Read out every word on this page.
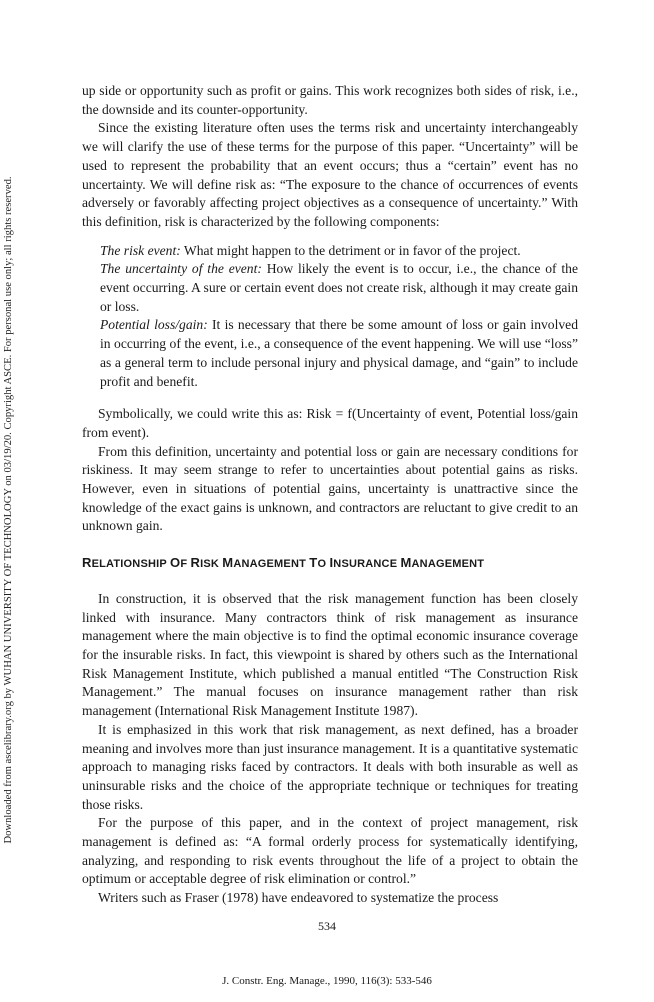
Downloaded from ascelibrary.org by WUHAN UNIVERSITY OF TECHNOLOGY on 03/19/20. Copyright ASCE. For personal use only; all rights reserved.

up side or opportunity such as profit or gains. This work recognizes both sides of risk, i.e., the downside and its counter-opportunity.

Since the existing literature often uses the terms risk and uncertainty interchangeably we will clarify the use of these terms for the purpose of this paper. “Uncertainty” will be used to represent the probability that an event occurs; thus a “certain” event has no uncertainty. We will define risk as: “The exposure to the chance of occurrences of events adversely or favorably affecting project objectives as a consequence of uncertainty.” With this definition, risk is characterized by the following components:

The risk event: What might happen to the detriment or in favor of the project.

The uncertainty of the event: How likely the event is to occur, i.e., the chance of the event occurring. A sure or certain event does not create risk, although it may create gain or loss.

Potential loss/gain: It is necessary that there be some amount of loss or gain involved in occurring of the event, i.e., a consequence of the event happening. We will use “loss” as a general term to include personal injury and physical damage, and “gain” to include profit and benefit.

Symbolically, we could write this as: Risk = f(Uncertainty of event, Potential loss/gain from event).

From this definition, uncertainty and potential loss or gain are necessary conditions for riskiness. It may seem strange to refer to uncertainties about potential gains as risks. However, even in situations of potential gains, uncertainty is unattractive since the knowledge of the exact gains is unknown, and contractors are reluctant to give credit to an unknown gain.

RELATIONSHIP OF RISK MANAGEMENT TO INSURANCE MANAGEMENT

In construction, it is observed that the risk management function has been closely linked with insurance. Many contractors think of risk management as insurance management where the main objective is to find the optimal economic insurance coverage for the insurable risks. In fact, this viewpoint is shared by others such as the International Risk Management Institute, which published a manual entitled “The Construction Risk Management.” The manual focuses on insurance management rather than risk management (International Risk Management Institute 1987).

It is emphasized in this work that risk management, as next defined, has a broader meaning and involves more than just insurance management. It is a quantitative systematic approach to managing risks faced by contractors. It deals with both insurable as well as uninsurable risks and the choice of the appropriate technique or techniques for treating those risks.

For the purpose of this paper, and in the context of project management, risk management is defined as: “A formal orderly process for systematically identifying, analyzing, and responding to risk events throughout the life of a project to obtain the optimum or acceptable degree of risk elimination or control.”

Writers such as Fraser (1978) have endeavored to systematize the process

534
J. Constr. Eng. Manage., 1990, 116(3): 533-546
